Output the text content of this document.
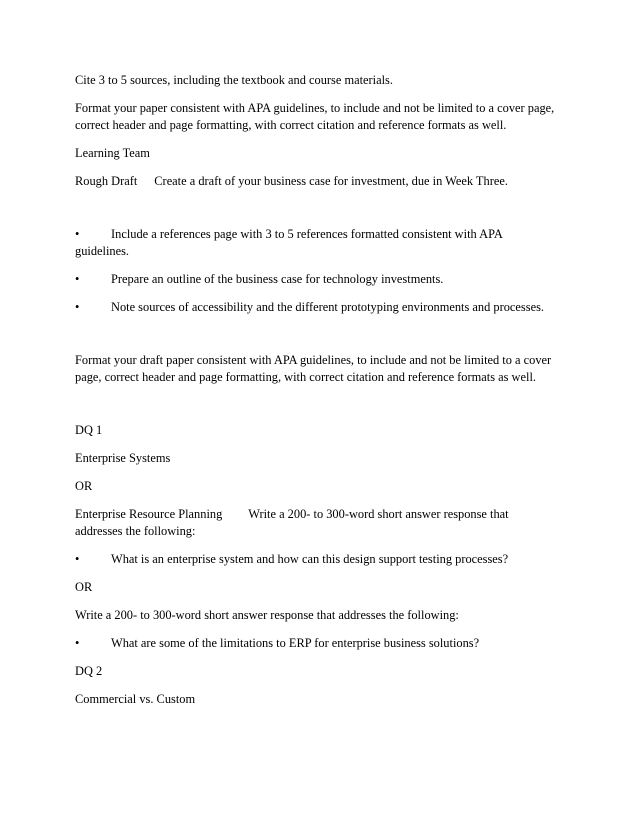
Cite 3 to 5 sources, including the textbook and course materials.
Format your paper consistent with APA guidelines, to include and not be limited to a cover page,
correct header and page formatting, with correct citation and reference formats as well.
Learning Team
Rough Draft Create a draft of your business case for investment, due in Week Three.
•	Include a references page with 3 to 5 references formatted consistent with APA
guidelines.
•	Prepare an outline of the business case for technology investments.
•	Note sources of accessibility and the different prototyping environments and processes.
Format your draft paper consistent with APA guidelines, to include and not be limited to a cover
page, correct header and page formatting, with correct citation and reference formats as well.
DQ 1
Enterprise Systems
OR
Enterprise Resource Planning Write a 200- to 300-word short answer response that
addresses the following:
•	What is an enterprise system and how can this design support testing processes?
OR
Write a 200- to 300-word short answer response that addresses the following:
•	What are some of the limitations to ERP for enterprise business solutions?
DQ 2
Commercial vs. Custom
